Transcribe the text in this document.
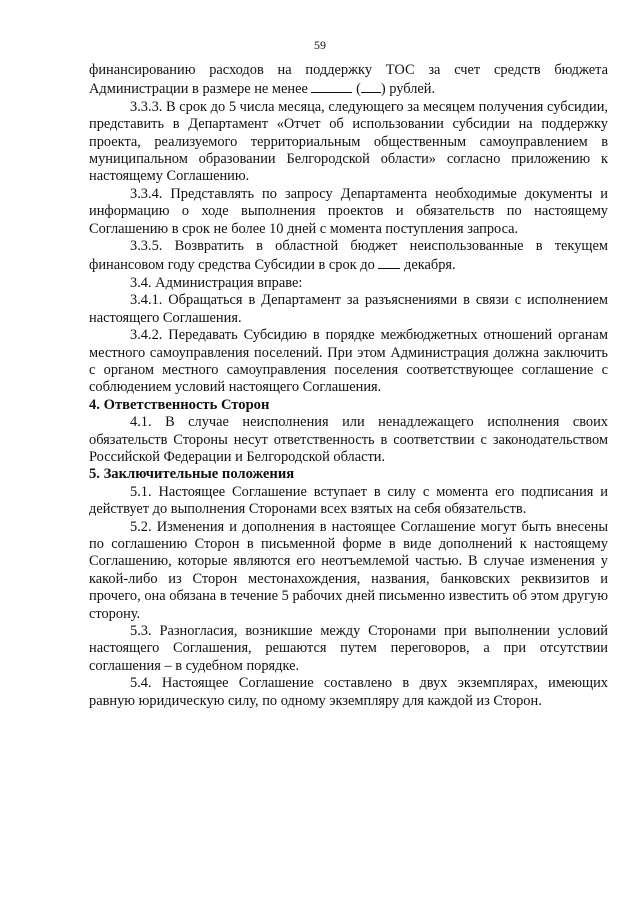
59

финансированию расходов на поддержку ТОС за счет средств бюджета Администрации в размере не менее	( ) рублей.

3.3.3. В срок до 5 числа месяца, следующего за месяцем получения субсидии, представить в Департамент «Отчет об использовании субсидии на поддержку проекта, реализуемого территориальным общественным самоуправлением в муниципальном образовании Белгородской области» согласно приложению к настоящему Соглашению.

3.3.4. Представлять по запросу Департамента необходимые документы и информацию о ходе выполнения проектов и обязательств по настоящему Соглашению в срок не более 10 дней с момента поступления запроса.

3.3.5. Возвратить в областной бюджет неиспользованные в текущем финансовом году средства Субсидии в срок до декабря.

3.4. Администрация вправе:

3.4.1. Обращаться в Департамент за разъяснениями в связи с исполнением настоящего Соглашения.

3.4.2. Передавать Субсидию в порядке межбюджетных отношений органам местного самоуправления поселений. При этом Администрация должна заключить с органом местного самоуправления поселения соответствующее соглашение с соблюдением условий настоящего Соглашения.

4. Ответственность Сторон

4.1. В случае неисполнения или ненадлежащего исполнения своих обязательств Стороны несут ответственность в соответствии с законодательством Российской Федерации и Белгородской области.

5. Заключительные положения

5.1. Настоящее Соглашение вступает в силу с момента его подписания и действует до выполнения Сторонами всех взятых на себя обязательств.

5.2. Изменения и дополнения в настоящее Соглашение могут быть внесены по соглашению Сторон в письменной форме в виде дополнений к настоящему Соглашению, которые являются его неотъемлемой частью. В случае изменения у какой-либо из Сторон местонахождения, названия, банковских реквизитов и прочего, она обязана в течение 5 рабочих дней письменно известить об этом другую сторону.

5.3. Разногласия, возникшие между Сторонами при выполнении условий настоящего Соглашения, решаются путем переговоров, а при отсутствии соглашения – в судебном порядке.

5.4. Настоящее Соглашение составлено в двух экземплярах, имеющих равную юридическую силу, по одному экземпляру для каждой из Сторон.
